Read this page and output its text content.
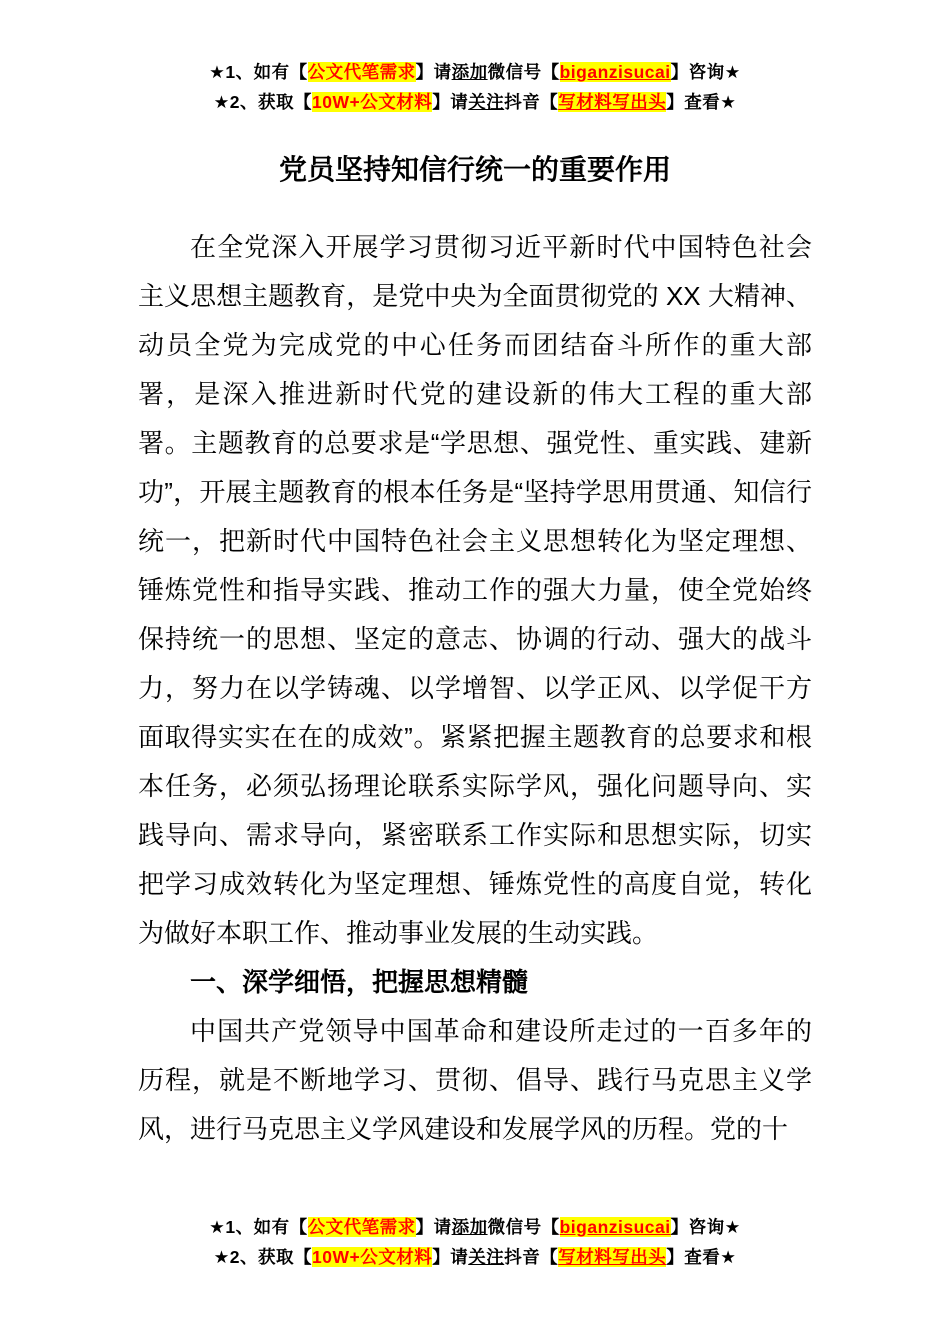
★1、如有【公文代笔需求】请添加微信号【biganzisucai】咨询★
★2、获取【10W+公文材料】请关注抖音【写材料写出头】查看★
党员坚持知信行统一的重要作用

在全党深入开展学习贯彻习近平新时代中国特色社会主义思想主题教育，是党中央为全面贯彻党的 XX 大精神、动员全党为完成党的中心任务而团结奋斗所作的重大部署，是深入推进新时代党的建设新的伟大工程的重大部署。主题教育的总要求是“学思想、强党性、重实践、建新功”，开展主题教育的根本任务是“坚持学思用贯通、知信行统一，把新时代中国特色社会主义思想转化为坚定理想、锤炼党性和指导实践、推动工作的强大力量，使全党始终保持统一的思想、坚定的意志、协调的行动、强大的战斗力，努力在以学铸魂、以学增智、以学正风、以学促干方面取得实实在在的成效”。紧紧把握主题教育的总要求和根本任务，必须弘扬理论联系实际学风，强化问题导向、实践导向、需求导向，紧密联系工作实际和思想实际，切实把学习成效转化为坚定理想、锤炼党性的高度自觉，转化为做好本职工作、推动事业发展的生动实践。

一、深学细悟，把握思想精髓

中国共产党领导中国革命和建设所走过的一百多年的历程，就是不断地学习、贯彻、倡导、践行马克思主义学风，进行马克思主义学风建设和发展学风的历程。党的十

★1、如有【公文代笔需求】请添加微信号【biganzisucai】咨询★
★2、获取【10W+公文材料】请关注抖音【写材料写出头】查看★
